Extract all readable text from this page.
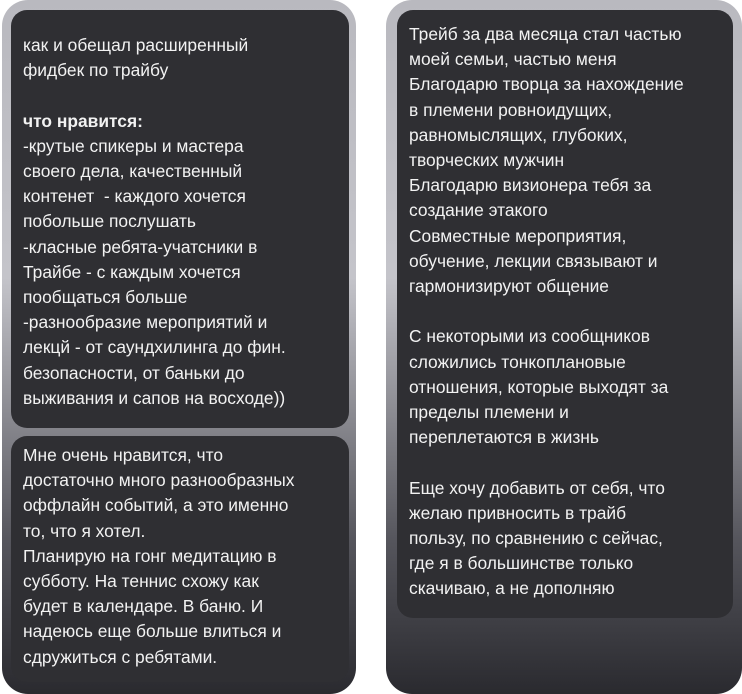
как и обещал расширенный
фидбек по трайбу

что нравится:
-крутые спикеры и мастера
своего дела, качественный
контенет  - каждого хочется
побольше послушать
-класные ребята-учатсники в
Трайбе - с каждым хочется
пообщаться больше
-разнообразие мероприятий и
лекцй - от саундхилинга до фин.
безопасности, от баньки до
выживания и сапов на восходе))
Мне очень нравится, что
достаточно много разнообразных
оффлайн событий, а это именно
то, что я хотел.
Планирую на гонг медитацию в
субботу. На теннис схожу как
будет в календаре. В баню. И
надеюсь еще больше влиться и
сдружиться с ребятами.
Трейб за два месяца стал частью
моей семьи, частью меня
Благодарю творца за нахождение
в племени ровноидущих,
равномыслящих, глубоких,
творческих мужчин
Благодарю визионера тебя за
создание этакого
Совместные мероприятия,
обучение, лекции связывают и
гармонизируют общение

С некоторыми из сообщников
сложились тонкоплановые
отношения, которые выходят за
пределы племени и
переплетаются в жизнь

Еще хочу добавить от себя, что
желаю привносить в трайб
пользу, по сравнению с сейчас,
где я в большинстве только
скачиваю, а не дополняю
